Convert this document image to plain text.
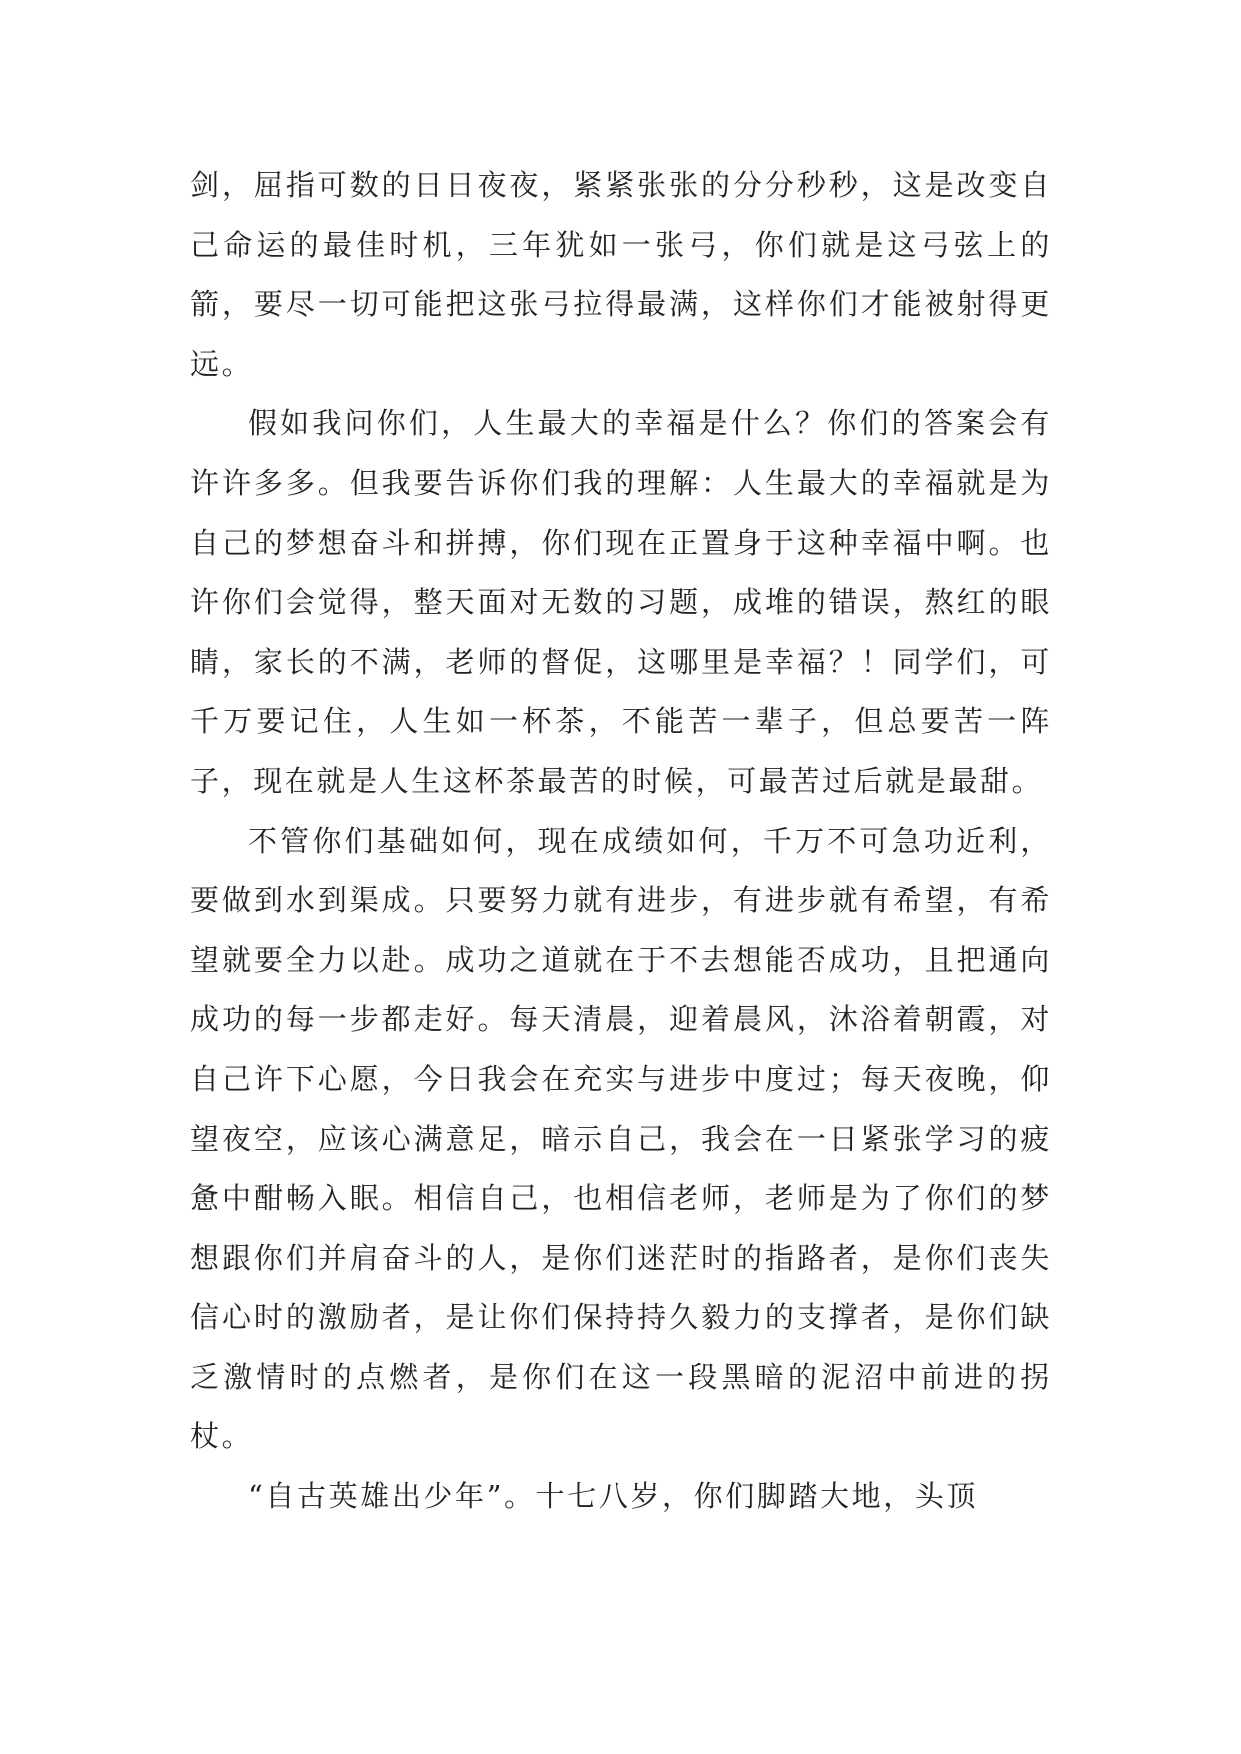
剑，屈指可数的日日夜夜，紧紧张张的分分秒秒，这是改变自己命运的最佳时机，三年犹如一张弓，你们就是这弓弦上的箭，要尽一切可能把这张弓拉得最满，这样你们才能被射得更远。

假如我问你们，人生最大的幸福是什么？你们的答案会有许许多多。但我要告诉你们我的理解：人生最大的幸福就是为自己的梦想奋斗和拼搏，你们现在正置身于这种幸福中啊。也许你们会觉得，整天面对无数的习题，成堆的错误，熬红的眼睛，家长的不满，老师的督促，这哪里是幸福？！同学们，可千万要记住，人生如一杯茶，不能苦一辈子，但总要苦一阵子，现在就是人生这杯茶最苦的时候，可最苦过后就是最甜。

不管你们基础如何，现在成绩如何，千万不可急功近利，要做到水到渠成。只要努力就有进步，有进步就有希望，有希望就要全力以赴。成功之道就在于不去想能否成功，且把通向成功的每一步都走好。每天清晨，迎着晨风，沐浴着朝霞，对自己许下心愿，今日我会在充实与进步中度过；每天夜晚，仰望夜空，应该心满意足，暗示自己，我会在一日紧张学习的疲惫中酣畅入眠。相信自己，也相信老师，老师是为了你们的梦想跟你们并肩奋斗的人，是你们迷茫时的指路者，是你们丧失信心时的激励者，是让你们保持持久毅力的支撑者，是你们缺乏激情时的点燃者，是你们在这一段黑暗的泥沼中前进的拐杖。

“自古英雄出少年”。十七八岁，你们脚踏大地，头顶
